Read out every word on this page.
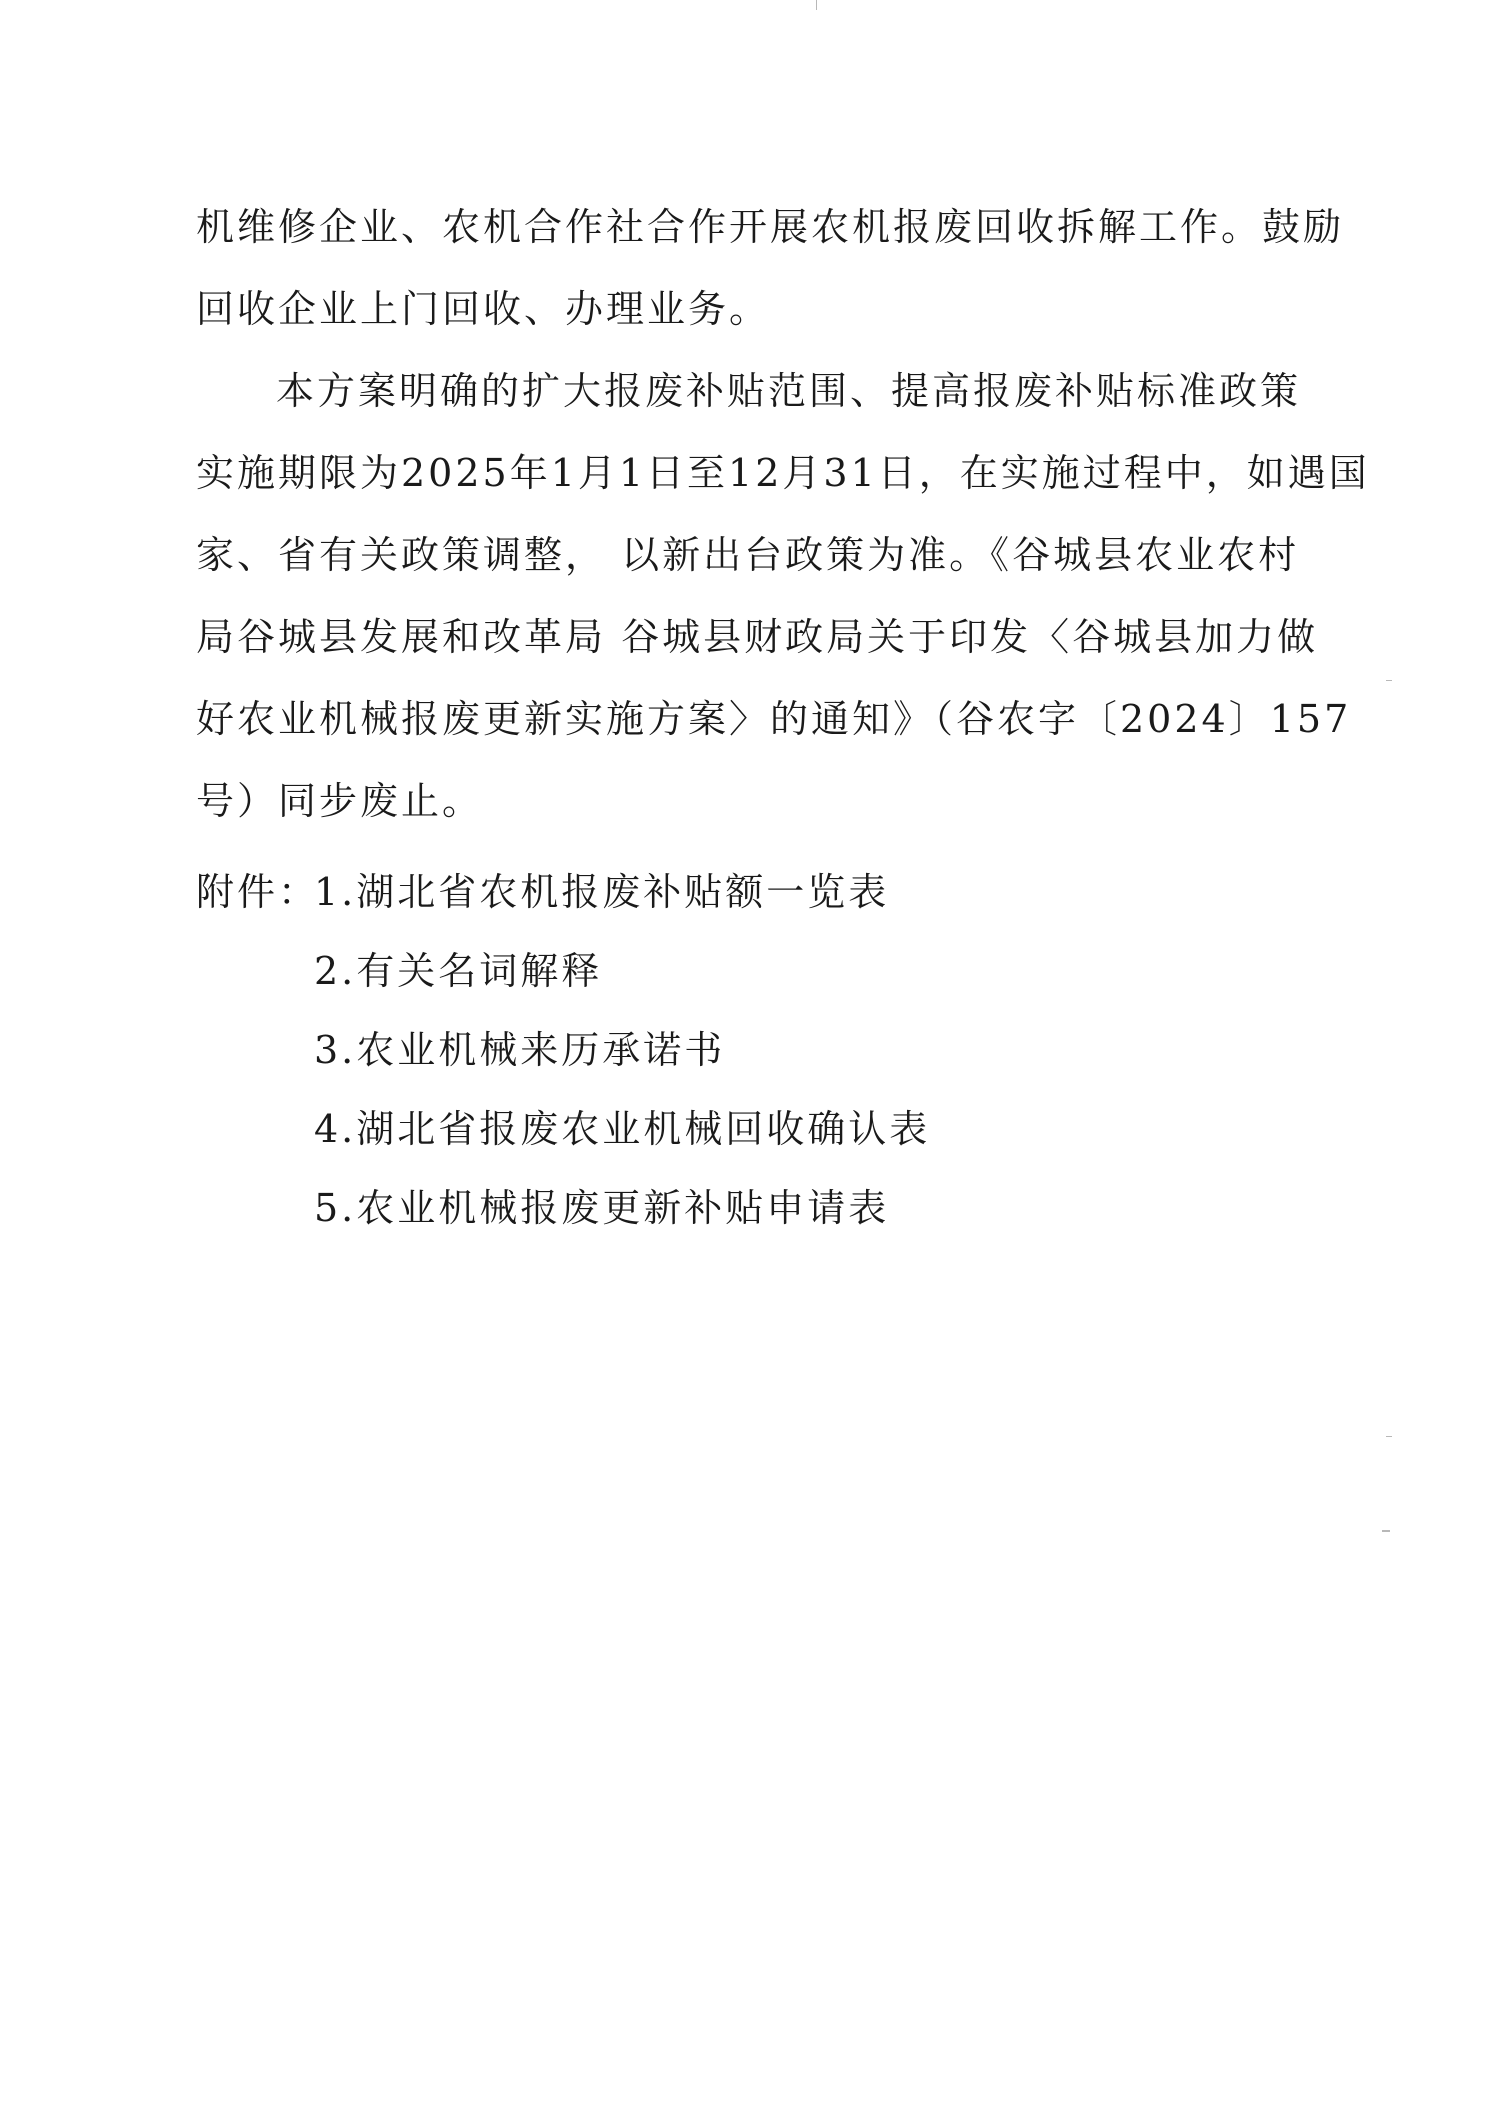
机维修企业、农机合作社合作开展农机报废回收拆解工作。鼓励
回收企业上门回收、办理业务。
本方案明确的扩大报废补贴范围、提高报废补贴标准政策
实施期限为2025年1月1日至12月31日，在实施过程中，如遇国
家、省有关政策调整， 以新出台政策为准。《谷城县农业农村
局谷城县发展和改革局 谷城县财政局关于印发〈谷城县加力做
好农业机械报废更新实施方案〉的通知》（谷农字〔2024〕157
号）同步废止。
附件：
1.湖北省农机报废补贴额一览表
2.有关名词解释
3.农业机械来历承诺书
4.湖北省报废农业机械回收确认表
5.农业机械报废更新补贴申请表
